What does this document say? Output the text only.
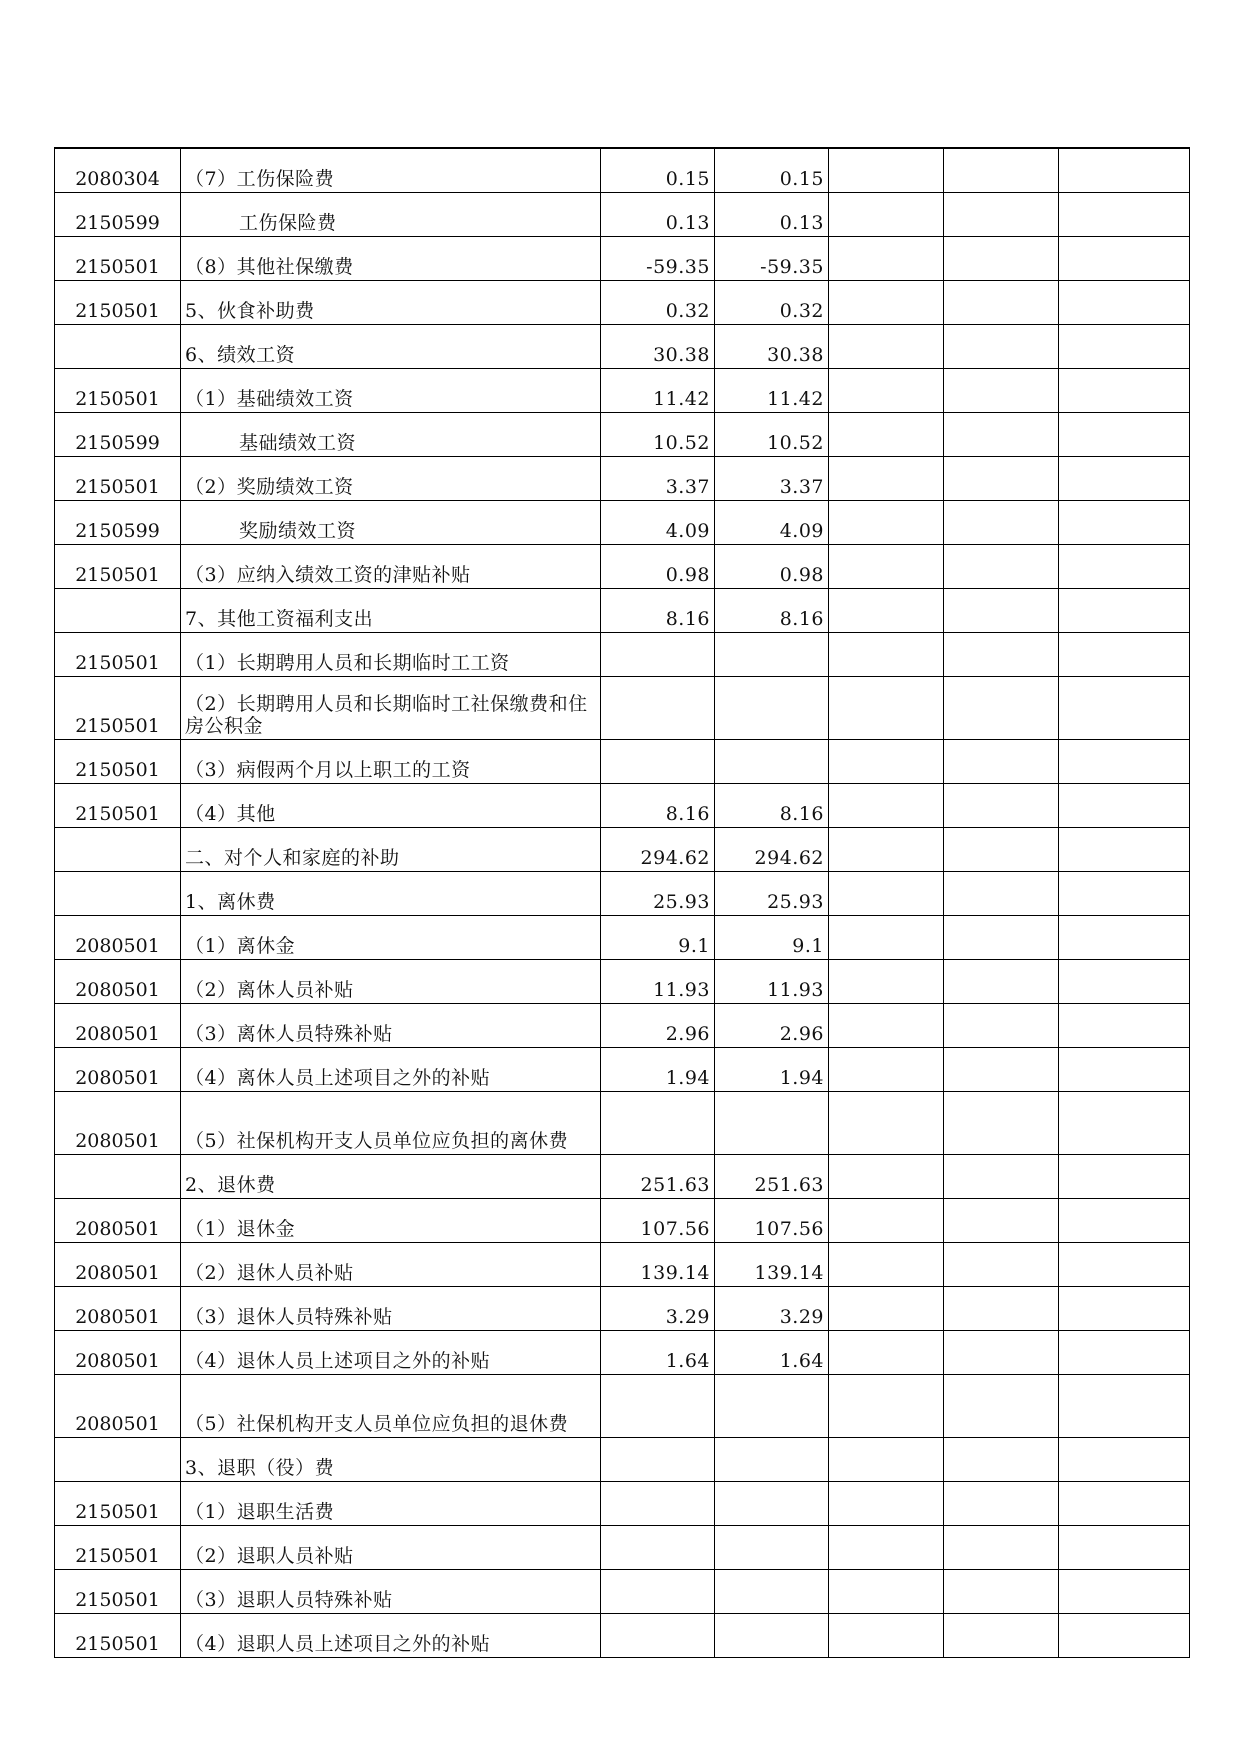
2080304	（7）工伤保险费	0.15	0.15			
2150599	工伤保险费	0.13	0.13			
2150501	（8）其他社保缴费	-59.35	-59.35			
2150501	5、伙食补助费	0.32	0.32			
	6、绩效工资	30.38	30.38			
2150501	（1）基础绩效工资	11.42	11.42			
2150599	基础绩效工资	10.52	10.52			
2150501	（2）奖励绩效工资	3.37	3.37			
2150599	奖励绩效工资	4.09	4.09			
2150501	（3）应纳入绩效工资的津贴补贴	0.98	0.98			
	7、其他工资福利支出	8.16	8.16			
2150501	（1）长期聘用人员和长期临时工工资					
2150501	（2）长期聘用人员和长期临时工社保缴费和住房公积金					
2150501	（3）病假两个月以上职工的工资					
2150501	（4）其他	8.16	8.16			
	二、对个人和家庭的补助	294.62	294.62			
	1、离休费	25.93	25.93			
2080501	（1）离休金	9.1	9.1			
2080501	（2）离休人员补贴	11.93	11.93			
2080501	（3）离休人员特殊补贴	2.96	2.96			
2080501	（4）离休人员上述项目之外的补贴	1.94	1.94			
2080501	（5）社保机构开支人员单位应负担的离休费					
	2、退休费	251.63	251.63			
2080501	（1）退休金	107.56	107.56			
2080501	（2）退休人员补贴	139.14	139.14			
2080501	（3）退休人员特殊补贴	3.29	3.29			
2080501	（4）退休人员上述项目之外的补贴	1.64	1.64			
2080501	（5）社保机构开支人员单位应负担的退休费					
	3、退职（役）费					
2150501	（1）退职生活费					
2150501	（2）退职人员补贴					
2150501	（3）退职人员特殊补贴					
2150501	（4）退职人员上述项目之外的补贴					
